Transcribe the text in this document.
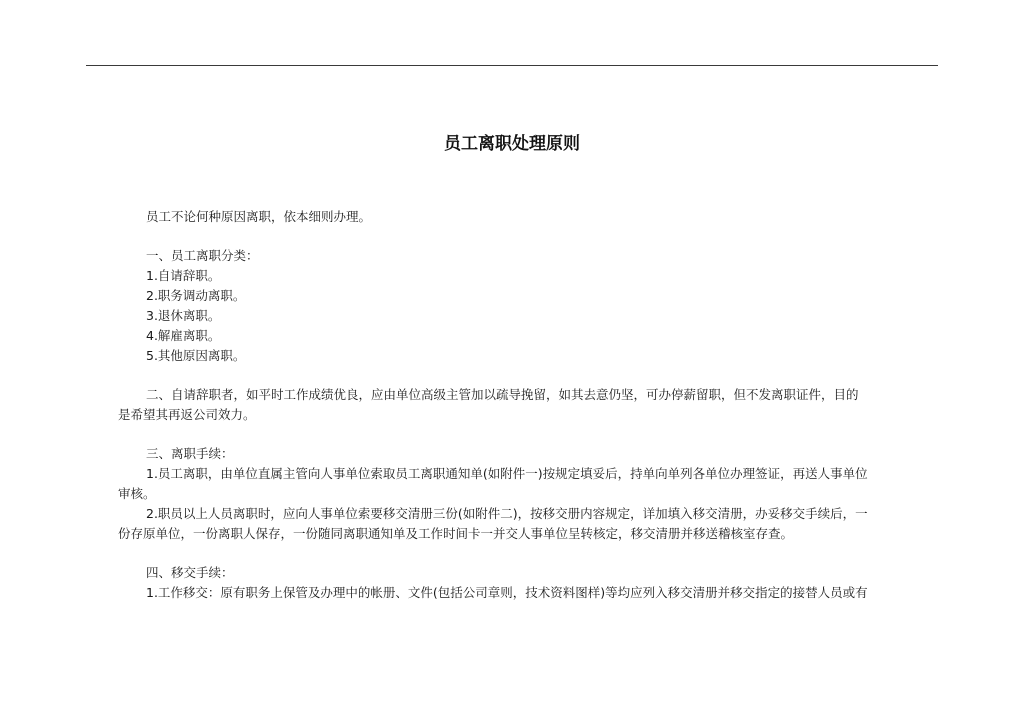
员工离职处理原则

员工不论何种原因离职，依本细则办理。

一、员工离职分类：

1.自请辞职。

2.职务调动离职。

3.退休离职。

4.解雇离职。

5.其他原因离职。

二、自请辞职者，如平时工作成绩优良，应由单位高级主管加以疏导挽留，如其去意仍坚，可办停薪留职，但不发离职证件，目的
是希望其再返公司效力。

三、离职手续：

1.员工离职，由单位直属主管向人事单位索取员工离职通知单(如附件一)按规定填妥后，持单向单列各单位办理签证，再送人事单位
审核。
2.职员以上人员离职时，应向人事单位索要移交清册三份(如附件二)，按移交册内容规定，详加填入移交清册，办妥移交手续后，一
份存原单位，一份离职人保存，一份随同离职通知单及工作时间卡一并交人事单位呈转核定，移交清册并移送稽核室存查。

四、移交手续：

1.工作移交：原有职务上保管及办理中的帐册、文件(包括公司章则，技术资料图样)等均应列入移交清册并移交指定的接替人员或有
